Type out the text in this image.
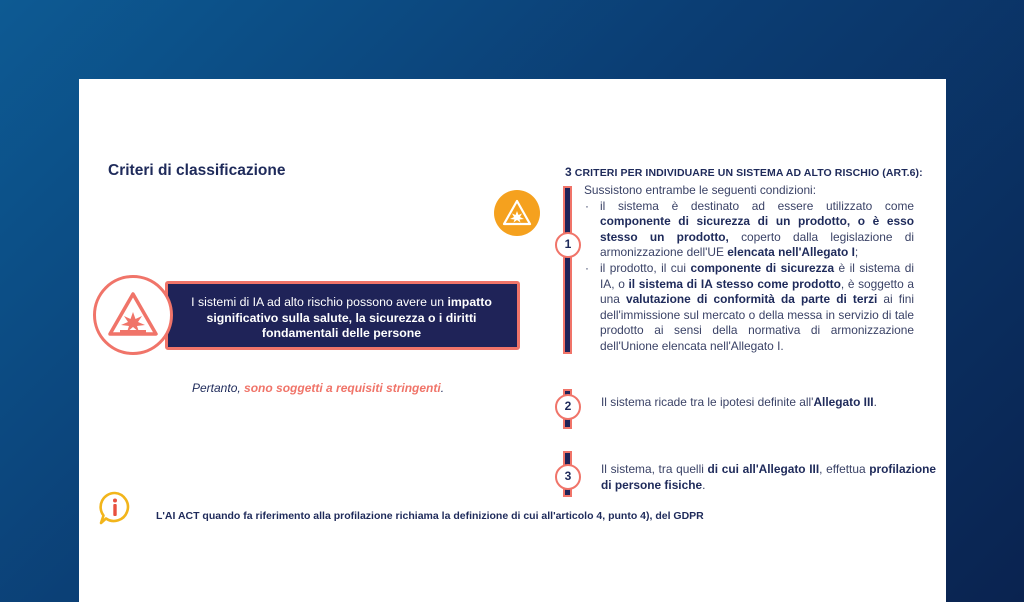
Criteri di classificazione
I sistemi di IA ad alto rischio possono avere un impatto significativo sulla salute, la sicurezza o i diritti fondamentali delle persone
Pertanto, sono soggetti a requisiti stringenti.
3 CRITERI PER INDIVIDUARE UN SISTEMA AD ALTO RISCHIO (ART.6):
1
Sussistono entrambe le seguenti condizioni:
· il sistema è destinato ad essere utilizzato come componente di sicurezza di un prodotto, o è esso stesso un prodotto, coperto dalla legislazione di armonizzazione dell'UE elencata nell'Allegato I;
· il prodotto, il cui componente di sicurezza è il sistema di IA, o il sistema di IA stesso come prodotto, è soggetto a una valutazione di conformità da parte di terzi ai fini dell'immissione sul mercato o della messa in servizio di tale prodotto ai sensi della normativa di armonizzazione dell'Unione elencata nell'Allegato I.
2	Il sistema ricade tra le ipotesi definite all'Allegato III.
3	Il sistema, tra quelli di cui all'Allegato III, effettua profilazione di persone fisiche.
L'AI ACT quando fa riferimento alla profilazione richiama la definizione di cui all'articolo 4, punto 4), del GDPR
